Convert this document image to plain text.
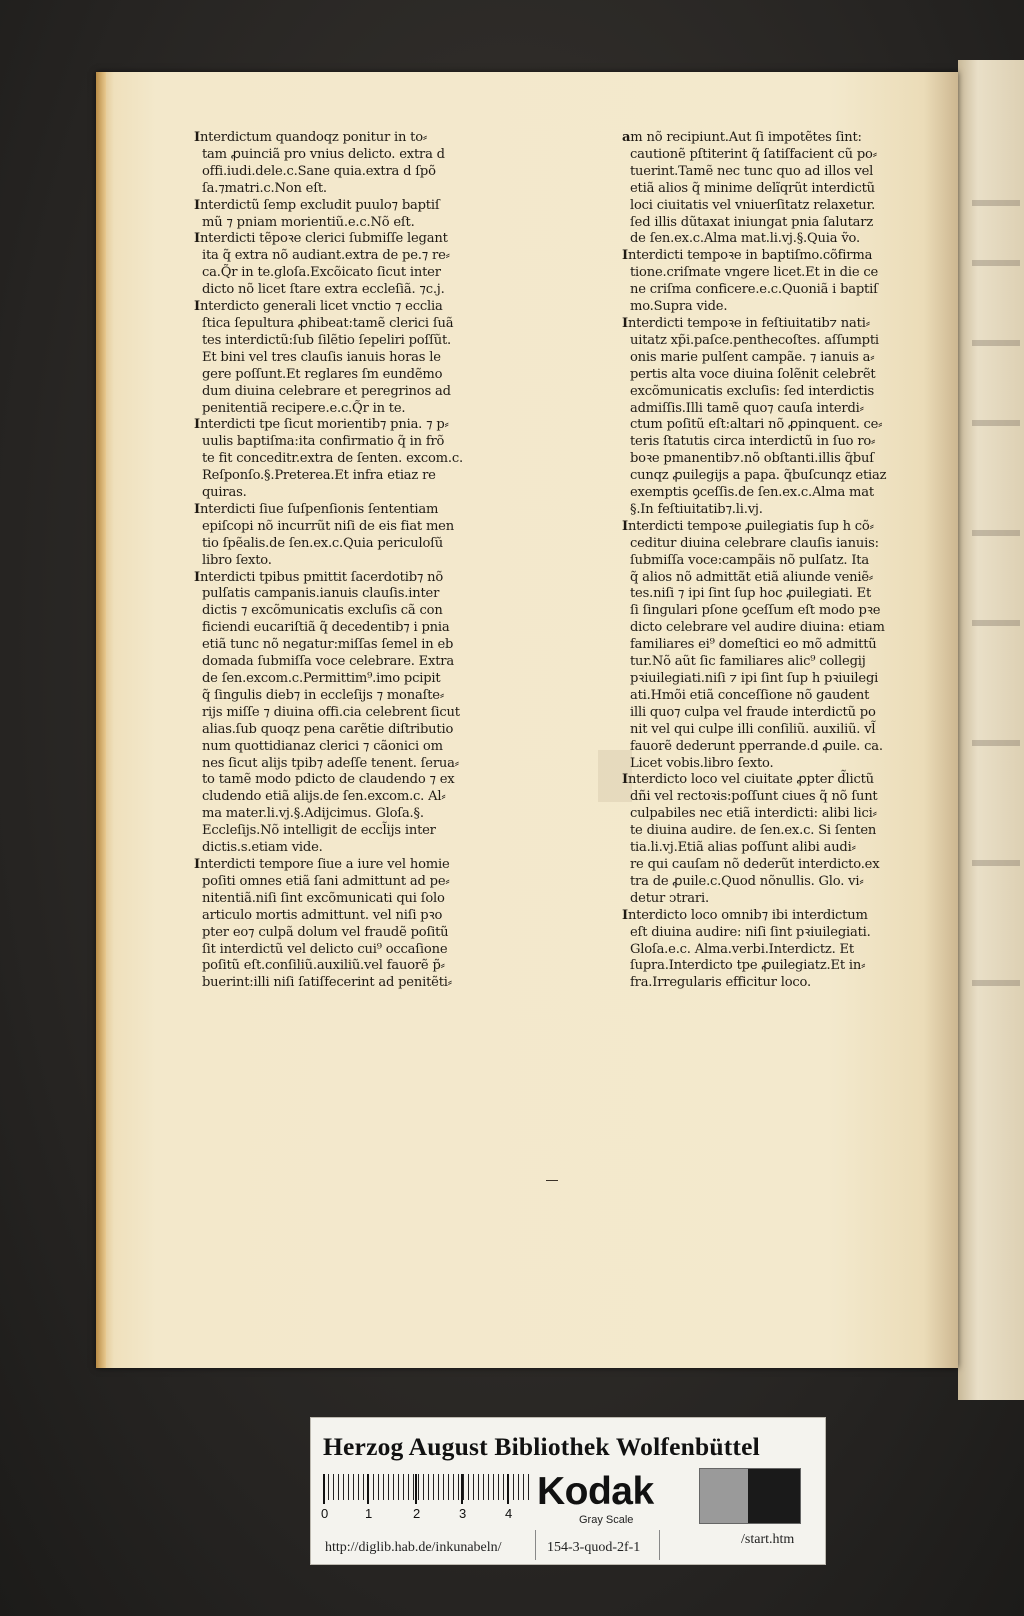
Interdictum quandoqz ponitur in to⸗
tam ꝓuinciã pro vnius delicto. extra d
offi.iudi.dele.c.Sane quia.extra d ſpõ
ſa.⁊matri.c.Non eſt.

Interdictũ ſemp excludit puulo⁊ baptiſ
mũ ⁊ pniam morientiũ.e.c.Nõ eſt.

Interdicti tẽpoꝛe clerici ſubmiſſe legant
ita q̃ extra nõ audiant.extra de pe.⁊ re⸗
ca.Q̃r in te.gloſa.Excõicato ſicut inter
dicto nõ licet ſtare extra eccleſiã. ⁊c.j.

Interdicto generali licet vnctio ⁊ ecclia
ſtica ſepultura ꝓhibeat:tamẽ clerici ſuã
tes interdictũ:ſub ſilẽtio ſepeliri poſſũt.
Et bini vel tres clauſis ianuis horas le
gere poſſunt.Et reglares ſm eundẽmo
dum diuina celebrare et peregrinos ad
penitentiã recipere.e.c.Q̃r in te.

Interdicti tpe ſicut morientib⁊ pnia. ⁊ p⸗
uulis baptiſma:ita confirmatio q̃ in frõ
te fit conceditr.extra de ſenten. excom.c.
Reſponſo.§.Preterea.Et infra etiaz re
quiras.

Interdicti ſiue ſuſpenſionis ſententiam
epiſcopi nõ incurrũt niſi de eis fiat men
tio ſpẽalis.de ſen.ex.c.Quia periculoſũ
libro ſexto.

Interdicti tpibus pmittit ſacerdotib⁊ nõ
pulſatis campanis.ianuis clauſis.inter
dictis ⁊ excõmunicatis excluſis cã con
ficiendi eucariſtiã q̃ decedentib⁊ i pnia
etiã tunc nõ negatur:miſſas ſemel in eb
domada ſubmiſſa voce celebrare. Extra
de ſen.excom.c.Permittim⁹.imo pcipit
q̃ ſingulis dieb⁊ in eccleſijs ⁊ monaſte⸗
rijs miſſe ⁊ diuina offi.cia celebrent ſicut
alias.ſub quoqz pena carẽtie diſtributio
num quottidianaz clerici ⁊ cãonici om
nes ſicut alijs tpib⁊ adeſſe tenent. ſerua⸗
to tamẽ modo pdicto de claudendo ⁊ ex
cludendo etiã alijs.de ſen.excom.c. Al⸗
ma mater.li.vj.§.Adijcimus. Gloſa.§.
Eccleſijs.Nõ intelligit de eccl̃ijs inter
dictis.s.etiam vide.

Interdicti tempore ſiue a iure vel homie
poſiti omnes etiã ſani admittunt ad pe⸗
nitentiã.niſi ſint excõmunicati qui ſolo
articulo mortis admittunt. vel niſi pꝛo
pter eo⁊ culpã dolum vel fraudẽ poſitũ
ſit interdictũ vel delicto cui⁹ occaſione
poſitũ eſt.conſiliũ.auxiliũ.vel fauorẽ p̃⸗
buerint:illi niſi ſatiſfecerint ad penitẽti⸗

am nõ recipiunt.Aut ſi impotẽtes ſint:
cautionẽ pſtiterint q̃ ſatiſfacient cũ po⸗
tuerint.Tamẽ nec tunc quo ad illos vel
etiã alios q̃ minime delĩqrũt interdictũ
loci ciuitatis vel vniuerſitatz relaxetur.
ſed illis dũtaxat iniungat pnia ſalutarz
de ſen.ex.c.Alma mat.li.vj.§.Quia ṽo.

Interdicti tempoꝛe in baptiſmo.cõfirma
tione.criſmate vngere licet.Et in die ce
ne criſma conficere.e.c.Quoniã i baptiſ
mo.Supra vide.

Interdicti tempoꝛe in feſtiuitatib⁊ nati⸗
uitatz xp̃i.paſce.penthecoſtes. aſſumpti
onis marie pulſent campãe. ⁊ ianuis a⸗
pertis alta voce diuina ſolẽnit celebrẽt
excõmunicatis excluſis: ſed interdictis
admiſſis.Illi tamẽ quo⁊ cauſa interdi⸗
ctum poſitũ eſt:altari nõ ꝓpinquent. ce⸗
teris ſtatutis circa interdictũ in ſuo ro⸗
boꝛe pmanentib⁊.nõ obſtanti.illis q̃buſ
cunqz ꝓuilegijs a papa. q̃buſcunqz etiaz
exemptis ꝯceſſis.de ſen.ex.c.Alma mat
§.In feſtiuitatib⁊.li.vj.

Interdicti tempoꝛe ꝓuilegiatis ſup h cõ⸗
ceditur diuina celebrare clauſis ianuis:
ſubmiſſa voce:campãis nõ pulſatz. Ita
q̃ alios nõ admittãt etiã aliunde veniẽ⸗
tes.niſi ⁊ ipi ſint ſup hoc ꝓuilegiati. Et
ſi ſingulari pſone ꝯceſſum eſt modo pꝛe
dicto celebrare vel audire diuina: etiam
familiares ei⁹ domeſtici eo mõ admittũ
tur.Nõ aũt ſic familiares alic⁹ collegij
pꝛiuilegiati.niſi ⁊ ipi ſint ſup h pꝛiuilegi
ati.Hmõi etiã conceſſione nõ gaudent
illi quo⁊ culpa vel fraude interdictũ po
nit vel qui culpe illi conſiliũ. auxiliũ. vl̃
fauorẽ dederunt pperrande.d ꝓuile. ca.
Licet vobis.libro ſexto.

Interdicto loco vel ciuitate ꝓpter d̃lictũ
dñi vel rectoꝛis:poſſunt ciues q̃ nõ ſunt
culpabiles nec etiã interdicti: alibi lici⸗
te diuina audire. de ſen.ex.c. Si ſenten
tia.li.vj.Etiã alias poſſunt alibi audi⸗
re qui cauſam nõ dederũt interdicto.ex
tra de ꝓuile.c.Quod nõnullis. Glo. vi⸗
detur ↄtrari.

Interdicto loco omnib⁊ ibi interdictum
eſt diuina audire: niſi ſint pꝛiuilegiati.
Gloſa.e.c. Alma.verbi.Interdictz. Et
ſupra.Interdicto tpe ꝓuilegiatz.Et in⸗
fra.Irregularis efficitur loco.

Herzog August Bibliothek Wolfenbüttel
0	1	2	3	4
Kodak
Gray Scale
http://diglib.hab.de/inkunabeln/	154-3-quod-2f-1
/start.htm
